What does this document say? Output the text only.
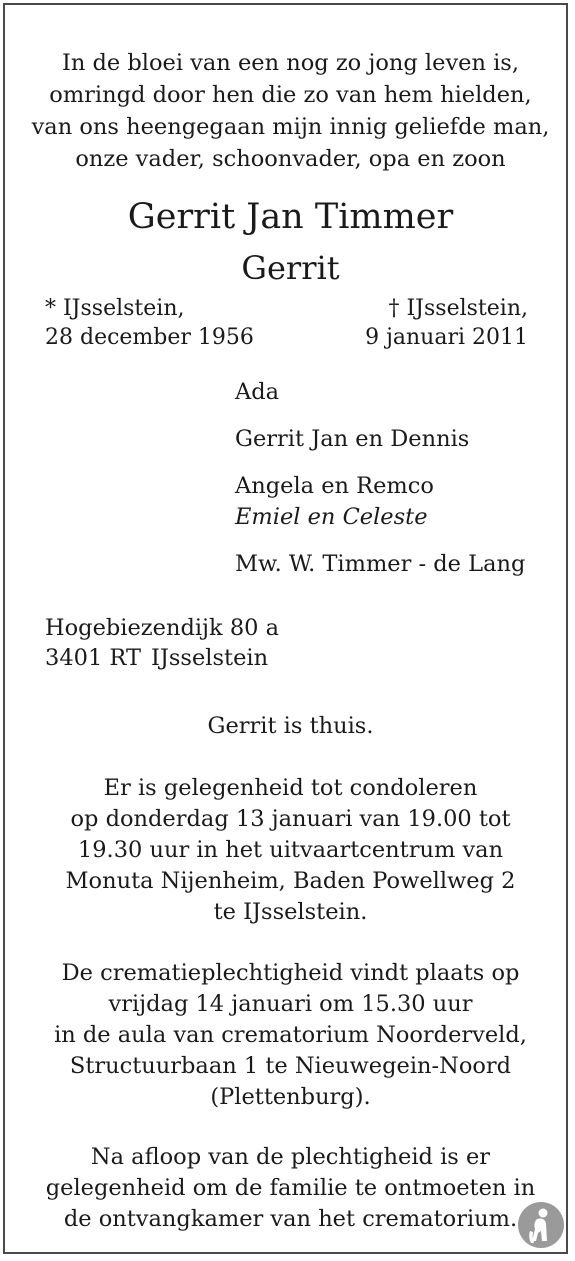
In de bloei van een nog zo jong leven is,
omringd door hen die zo van hem hielden,
van ons heengegaan mijn innig geliefde man,
onze vader, schoonvader, opa en zoon
Gerrit Jan Timmer
Gerrit
* IJsselstein,
28 december 1956
† IJsselstein,
9 januari 2011
Ada
Gerrit Jan en Dennis
Angela en Remco
Emiel en Celeste
Mw. W. Timmer - de Lang
Hogebiezendijk 80 a
3401 RT IJsselstein
Gerrit is thuis.
Er is gelegenheid tot condoleren
op donderdag 13 januari van 19.00 tot
19.30 uur in het uitvaartcentrum van
Monuta Nijenheim, Baden Powellweg 2
te IJsselstein.
De crematieplechtigheid vindt plaats op
vrijdag 14 januari om 15.30 uur
in de aula van crematorium Noorderveld,
Structuurbaan 1 te Nieuwegein-Noord
(Plettenburg).
Na afloop van de plechtigheid is er
gelegenheid om de familie te ontmoeten in
de ontvangkamer van het crematorium.
